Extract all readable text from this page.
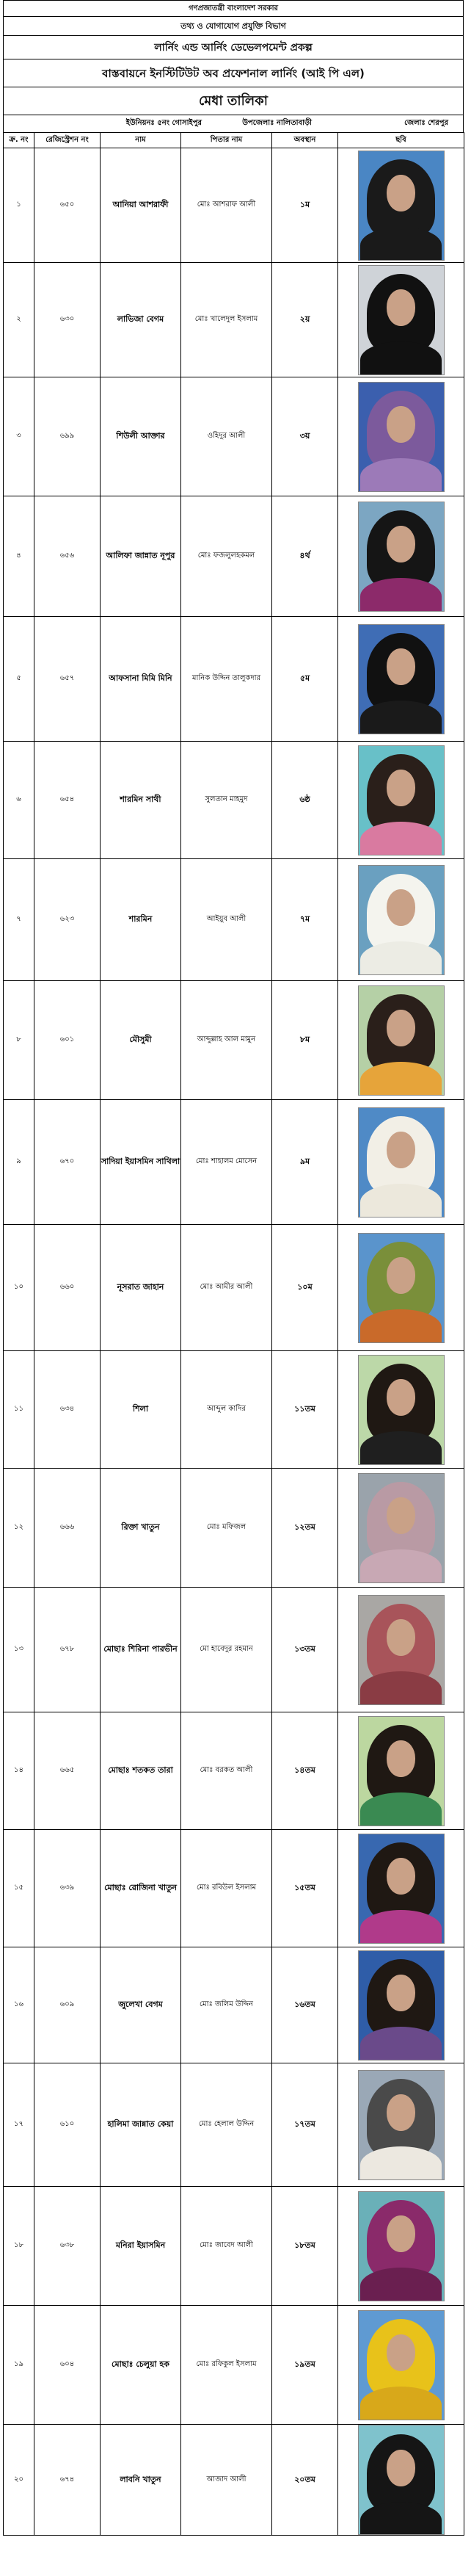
গণপ্রজাতন্ত্রী বাংলাদেশ সরকার
তথ্য ও যোগাযোগ প্রযুক্তি বিভাগ
লার্নিং এন্ড আর্নিং ডেভেলপমেন্ট প্রকল্প
বাস্তবায়নে ইনস্টিটিউট অব প্রফেশনাল লার্নিং (আই পি এল)
মেধা তালিকা
ইউনিয়নঃ ৫নং গোসাইপুর	উপজেলাঃ নালিতাবাড়ী	জেলাঃ শেরপুর
ক্র. নং	রেজিস্ট্রেশন নং	নাম	পিতার নাম	অবস্থান	ছবি
১	৬৫০	আনিয়া আশরাফী	মোঃ আশরাফ আলী	১ম	

২	৬৩০	লাভিজা বেগম	মোঃ খালেদুল ইসলাম	২য়	

৩	৬৯৯	শিউলী আক্তার	ওহিদুর আলী	৩য়	

৪	৬৫৬	আলিফা জান্নাত নূপুর	মোঃ ফজলুলহকমল	৪র্থ	

৫	৬৫৭	আফসানা মিমি মিনি	মানিক উদ্দিন তালুকদার	৫ম	

৬	৬৫৪	শারমিন সাথী	সুলতান মাহমুদ	৬ষ্ঠ	

৭	৬২৩	শারমিন	আইয়ুব আলী	৭ম	

৮	৬০১	মৌসুমী	আব্দুল্লাহ আল মামুন	৮ম	

৯	৬৭০	সাদিয়া ইয়াসমিন সাথিলা	মোঃ শাহালম মোসেন	৯ম	

১০	৬৬০	নূসরাত জাহান	মোঃ আমীর আলী	১০ম	

১১	৬৩৪	শিলা	আব্দুল কাদির	১১তম	

১২	৬৬৬	রিক্তা খাতুন	মোঃ মফিজল	১২তম	

১৩	৬৭৮	মোছাঃ শিরিনা পারভীন	মো হাবেদুর রহমান	১৩তম	

১৪	৬৬৫	মোছাঃ শতকত তারা	মোঃ বরকত আলী	১৪তম	

১৫	৬৩৯	মোছাঃ রোজিনা খাতুন	মোঃ রবিউল ইসলাম	১৫তম	

১৬	৬০৯	জুলেখা বেগম	মোঃ জলিম উদ্দিন	১৬তম	

১৭	৬১০	হালিমা জান্নাত কেয়া	মোঃ হেলাল উদ্দিন	১৭তম	

১৮	৬৩৮	মনিরা ইয়াসমিন	মোঃ জাবেদ আলী	১৮তম	

১৯	৬০৪	মোছাঃ চেলুয়া হক	মোঃ রফিকুল ইসলাম	১৯তম	

২০	৬৭৪	লাবনি খাতুন	আজাদ আলী	২০তম	
